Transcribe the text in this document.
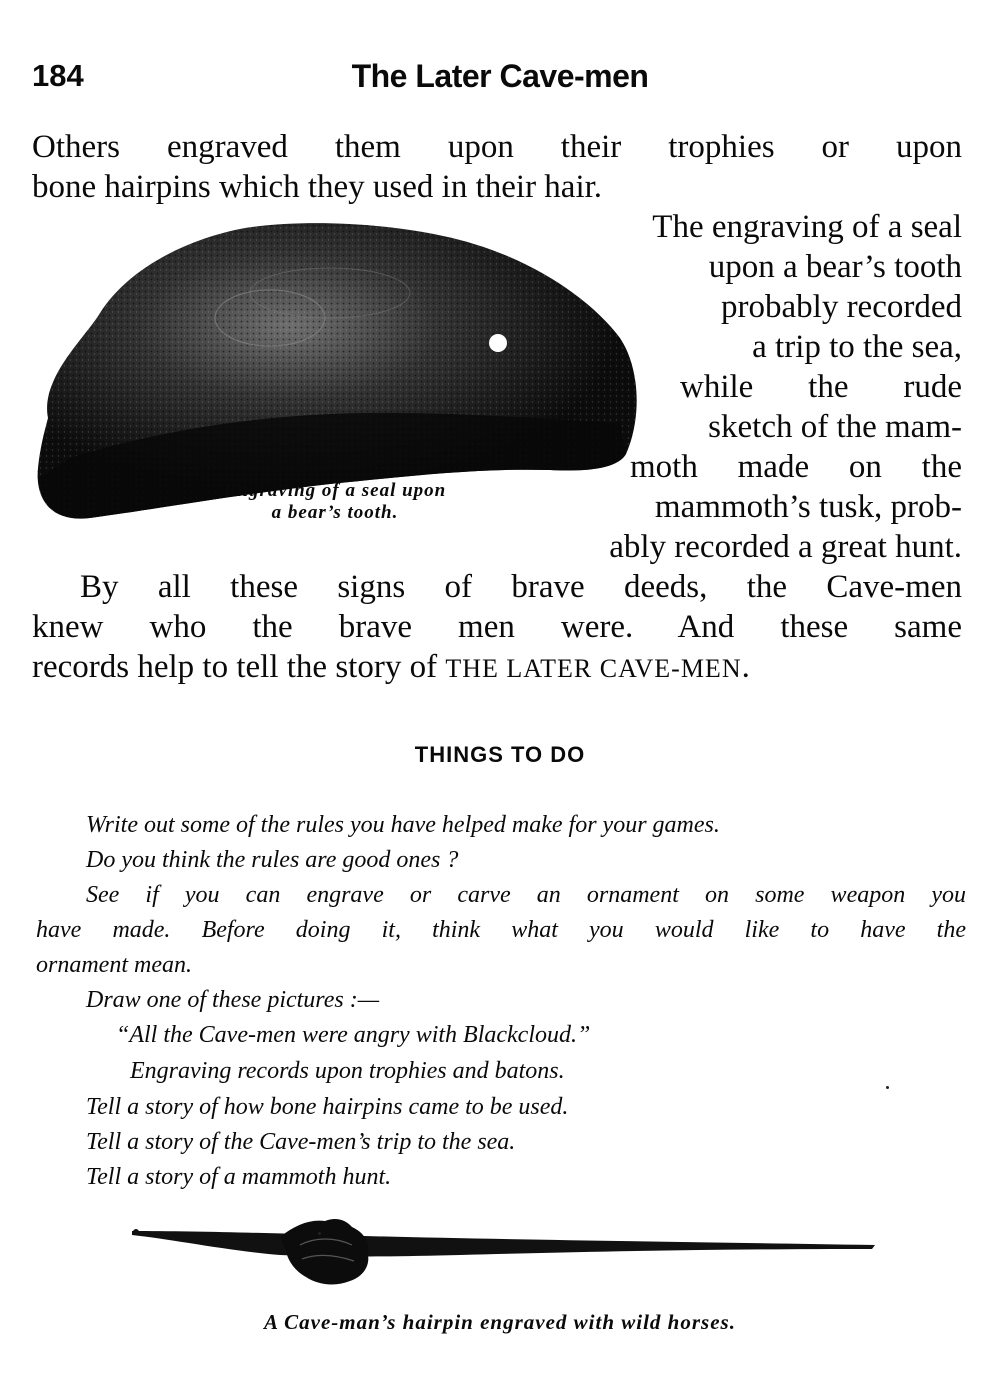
184	The Later Cave-men
Others engraved them upon their trophies or upon
bone hairpins which they used in their hair.
The engraving of a seal
upon a bear’s tooth
probably recorded
a trip to the sea,
while the rude
sketch of the mam-
moth made on the
mammoth’s tusk, prob-
ably recorded a great hunt.
By all these signs of brave deeds, the Cave-men
knew who the brave men were. And these same
records help to tell the story of THE LATER CAVE-MEN.
Engraving of a seal upon
a bear’s tooth.
THINGS TO DO
Write out some of the rules you have helped make for your games.
Do you think the rules are good ones ?
See if you can engrave or carve an ornament on some weapon you
have made. Before doing it, think what you would like to have the
ornament mean.
Draw one of these pictures :—
“All the Cave-men were angry with Blackcloud.”
Engraving records upon trophies and batons.
Tell a story of how bone hairpins came to be used.
Tell a story of the Cave-men’s trip to the sea.
Tell a story of a mammoth hunt.
A Cave-man’s hairpin engraved with wild horses.
